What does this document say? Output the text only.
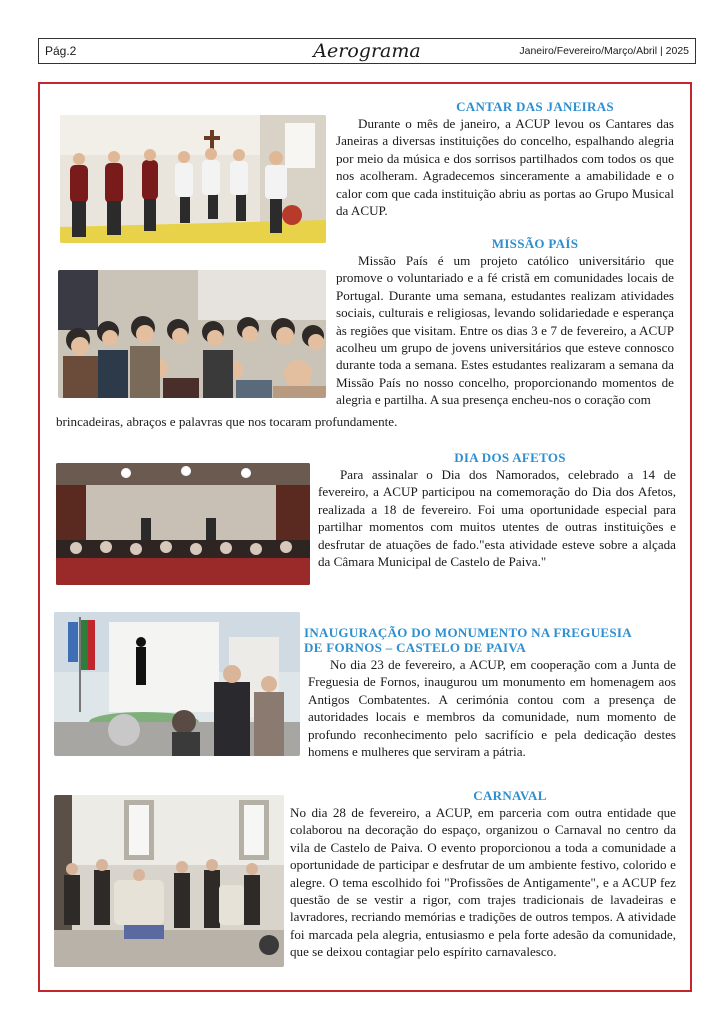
Pág.2	Aerograma	Janeiro/Fevereiro/Março/Abril | 2025
CANTAR DAS JANEIRAS
Durante o mês de janeiro, a ACUP levou os Cantares das Janeiras a diversas instituições do concelho, espalhando alegria por meio da música e dos sorrisos partilhados com todos os que nos acolheram. Agradecemos sinceramente a amabilidade e o calor com que cada instituição abriu as portas ao Grupo Musical da ACUP.
MISSÃO PAÍS
Missão País é um projeto católico universitário que promove o voluntariado e a fé cristã em comunidades locais de Portugal. Durante uma semana, estudantes realizam atividades sociais, culturais e religiosas, levando solidariedade e esperança às regiões que visitam. Entre os dias 3 e 7 de fevereiro, a ACUP acolheu um grupo de jovens universitários que esteve connosco durante toda a semana. Estes estudantes realizaram a semana da Missão País no nosso concelho, proporcionando momentos de alegria e partilha. A sua presença encheu-nos o coração com
brincadeiras, abraços e palavras que nos tocaram profundamente.
DIA DOS AFETOS
Para assinalar o Dia dos Namorados, celebrado a 14 de fevereiro, a ACUP participou na comemoração do Dia dos Afetos, realizada a 18 de fevereiro. Foi uma oportunidade especial para partilhar momentos com muitos utentes de outras instituições e desfrutar de atuações de fado."esta atividade esteve sobre a alçada da Câmara Municipal de Castelo de Paiva."
INAUGURAÇÃO DO MONUMENTO NA FREGUESIA
DE FORNOS – CASTELO DE PAIVA
No dia 23 de fevereiro, a ACUP, em cooperação com a Junta de Freguesia de Fornos, inaugurou um monumento em homenagem aos Antigos Combatentes. A cerimónia contou com a presença de autoridades locais e membros da comunidade, num momento de profundo reconhecimento pelo sacrifício e pela dedicação destes homens e mulheres que serviram a pátria.
CARNAVAL
No dia 28 de fevereiro, a ACUP, em parceria com outra entidade que colaborou na decoração do espaço, organizou o Carnaval no centro da vila de Castelo de Paiva. O evento proporcionou a toda a comunidade a oportunidade de participar e desfrutar de um ambiente festivo, colorido e alegre. O tema escolhido foi "Profissões de Antigamente", e a ACUP fez questão de se vestir a rigor, com trajes tradicionais de lavadeiras e lavradores, recriando memórias e tradições de outros tempos. A atividade foi marcada pela alegria, entusiasmo e pela forte adesão da comunidade, que se deixou contagiar pelo espírito carnavalesco.
